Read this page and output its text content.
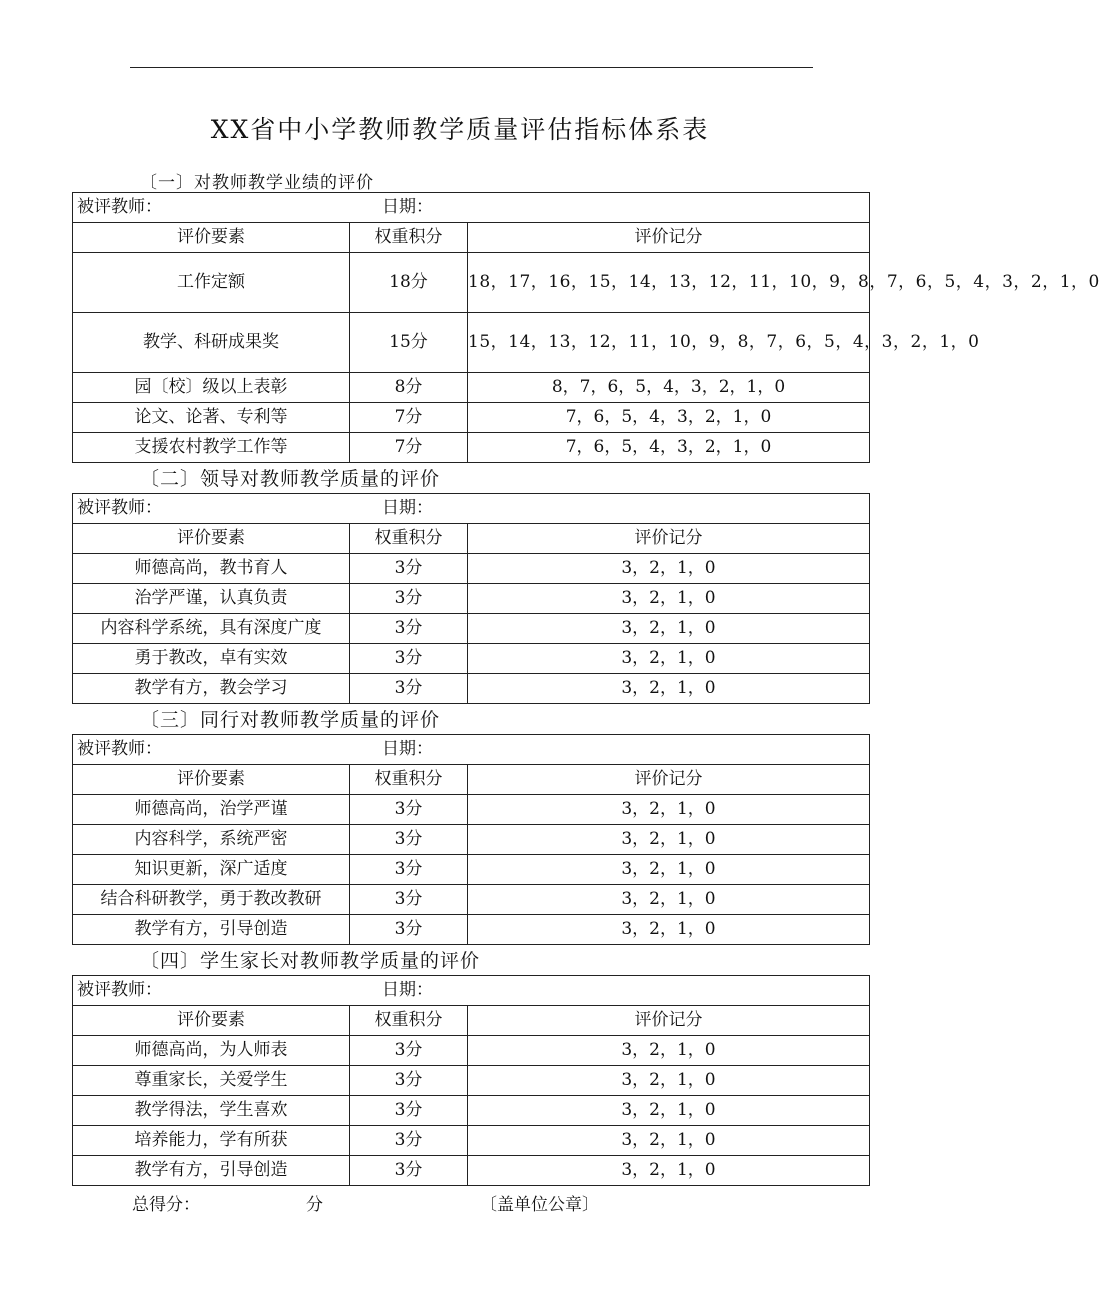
XX省中小学教师教学质量评估指标体系表
〔一〕对教师教学业绩的评价
被评教师： 日期：		
评价要素	权重积分	评价记分
工作定额	18分	18，17，16，15，14，13，12，11，10，9，8，7，6，5，4，3，2，1，0
教学、科研成果奖	15分	15，14，13，12，11，10，9，8，7，6，5，4，3，2，1，0
园〔校〕级以上表彰	8分	8，7，6，5，4，3，2，1，0
论文、论著、专利等	7分	7，6，5，4，3，2，1，0
支援农村教学工作等	7分	7，6，5，4，3，2，1，0
〔二〕领导对教师教学质量的评价
被评教师： 日期：		
评价要素	权重积分	评价记分
师德高尚，教书育人	3分	3，2，1，0
治学严谨，认真负责	3分	3，2，1，0
内容科学系统，具有深度广度	3分	3，2，1，0
勇于教改，卓有实效	3分	3，2，1，0
教学有方，教会学习	3分	3，2，1，0
〔三〕同行对教师教学质量的评价
被评教师： 日期：		
评价要素	权重积分	评价记分
师德高尚，治学严谨	3分	3，2，1，0
内容科学，系统严密	3分	3，2，1，0
知识更新，深广适度	3分	3，2，1，0
结合科研教学，勇于教改教研	3分	3，2，1，0
教学有方，引导创造	3分	3，2，1，0
〔四〕学生家长对教师教学质量的评价
被评教师： 日期：		
评价要素	权重积分	评价记分
师德高尚，为人师表	3分	3，2，1，0
尊重家长，关爱学生	3分	3，2，1，0
教学得法，学生喜欢	3分	3，2，1，0
培养能力，学有所获	3分	3，2，1，0
教学有方，引导创造	3分	3，2，1，0
总得分：	分	〔盖单位公章〕
